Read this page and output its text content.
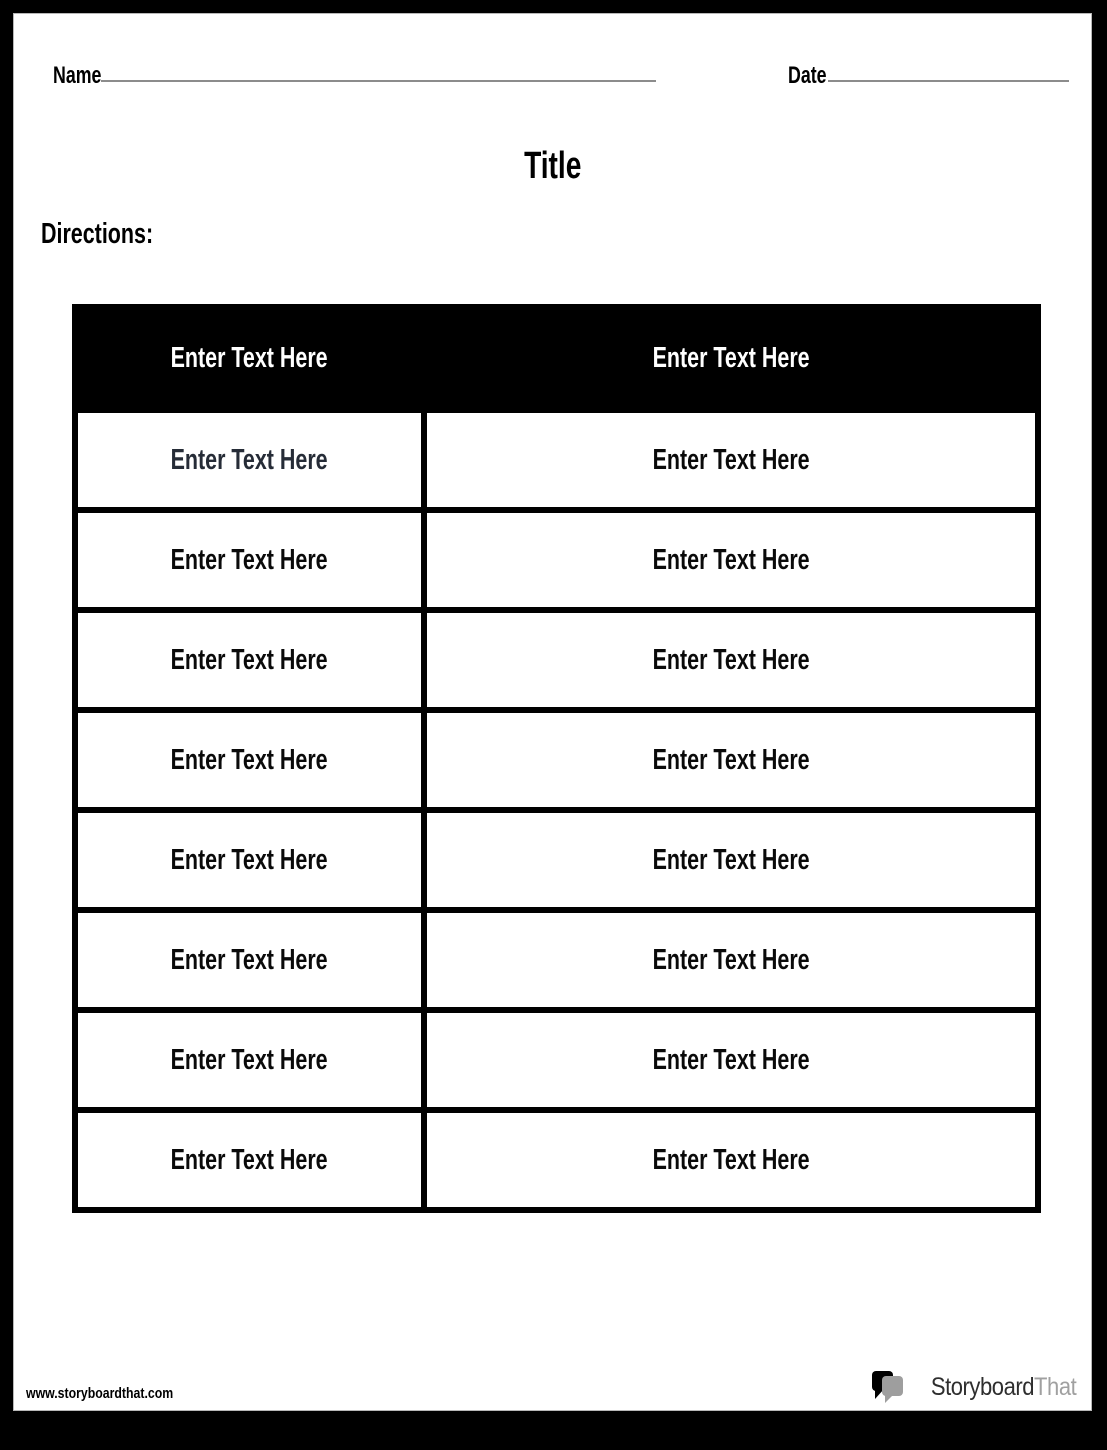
Name	Date
Title
Directions:
Enter Text Here	Enter Text Here
Enter Text Here	Enter Text Here
Enter Text Here	Enter Text Here
Enter Text Here	Enter Text Here
Enter Text Here	Enter Text Here
Enter Text Here	Enter Text Here
Enter Text Here	Enter Text Here
Enter Text Here	Enter Text Here
Enter Text Here	Enter Text Here
www.storyboardthat.com	StoryboardThat
